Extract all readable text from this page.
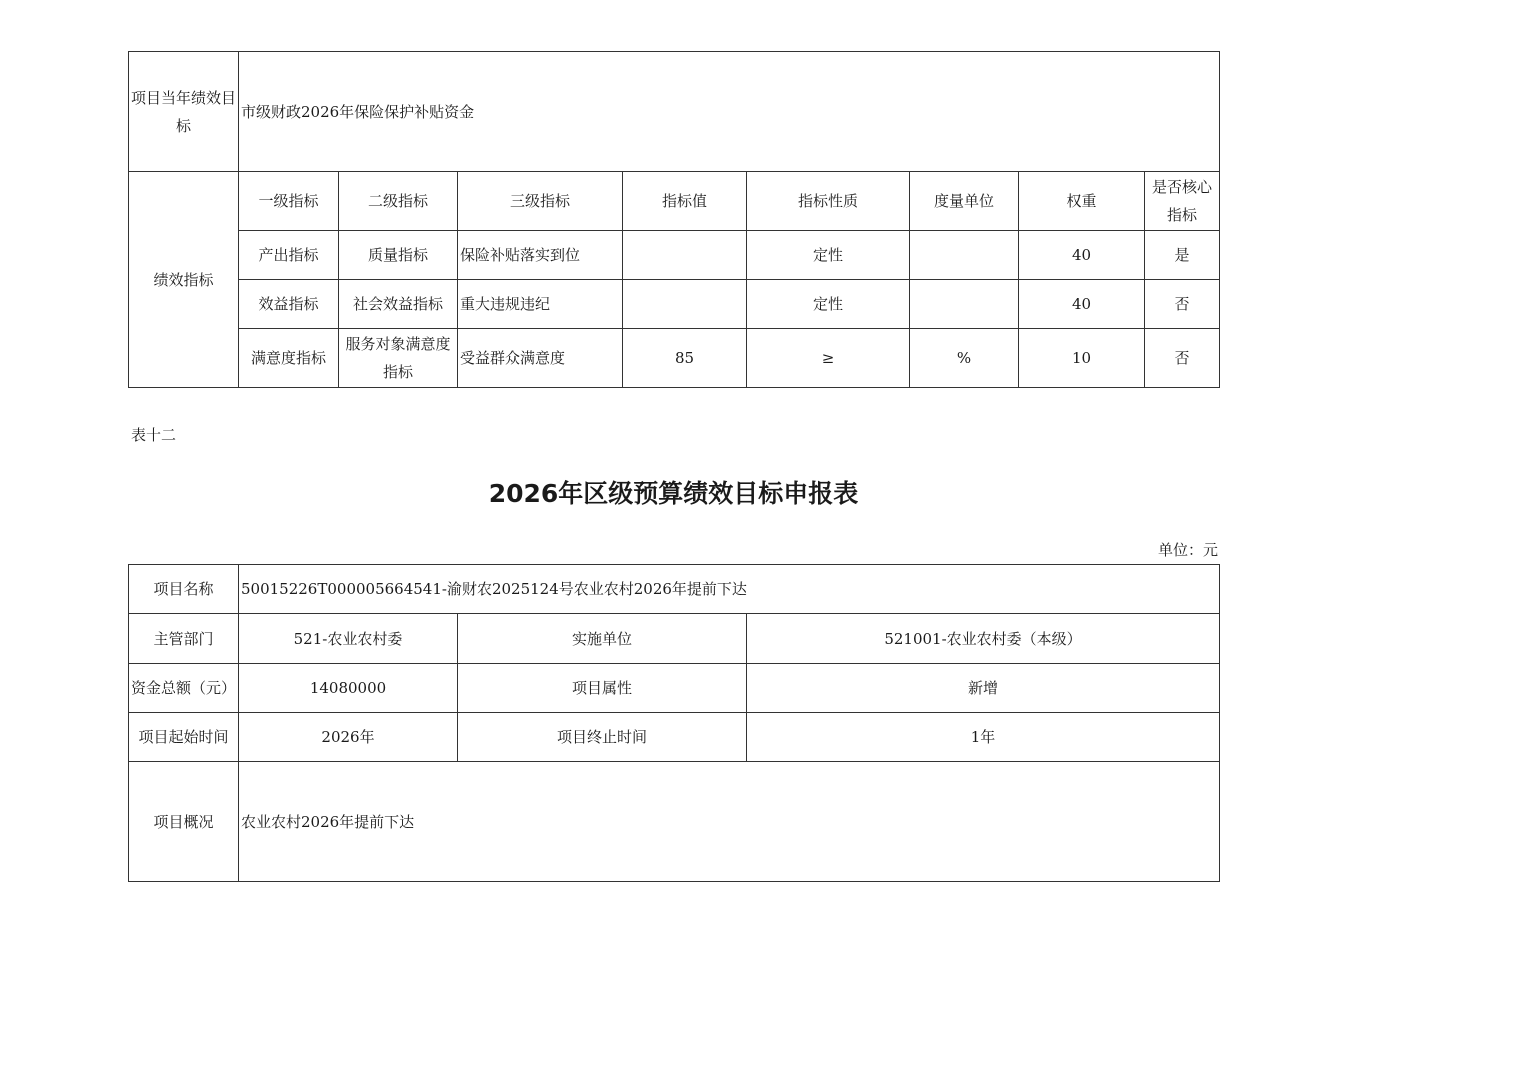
项目当年绩效目标	市级财政2026年保险保护补贴资金							
绩效指标	一级指标	二级指标	三级指标	指标值	指标性质	度量单位	权重	是否核心指标
	产出指标	质量指标	保险补贴落实到位		定性		40	是
	效益指标	社会效益指标	重大违规违纪		定性		40	否
	满意度指标	服务对象满意度指标	受益群众满意度	85	≥	%	10	否
表十二
2026年区级预算绩效目标申报表
单位：元
项目名称	50015226T000005664541-渝财农2025124号农业农村2026年提前下达		
主管部门	521-农业农村委	实施单位	521001-农业农村委（本级）
资金总额（元）	14080000	项目属性	新增
项目起始时间	2026年	项目终止时间	1年
项目概况	农业农村2026年提前下达		
